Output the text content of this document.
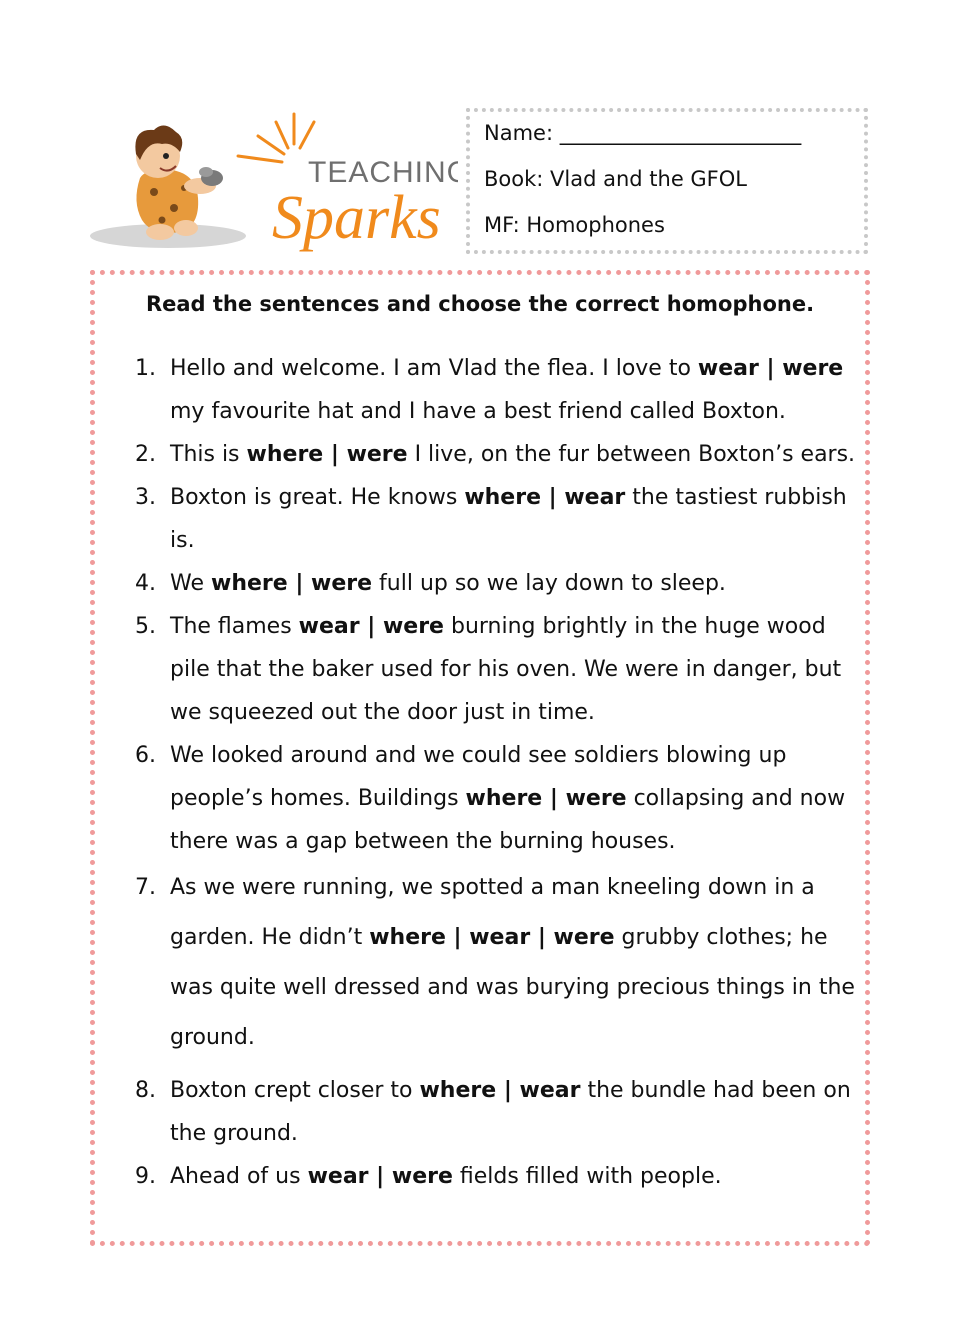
TEACHING
Sparks
Name: _______________________
Book: Vlad and the GFOL
MF: Homophones
Read the sentences and choose the correct homophone.
1. Hello and welcome. I am Vlad the flea. I love to wear | were
my favourite hat and I have a best friend called Boxton.
2. This is where | were I live, on the fur between Boxton’s ears.
3. Boxton is great. He knows where | wear the tastiest rubbish
is.
4. We where | were full up so we lay down to sleep.
5. The flames wear | were burning brightly in the huge wood
pile that the baker used for his oven. We were in danger, but
we squeezed out the door just in time.
6. We looked around and we could see soldiers blowing up
people’s homes. Buildings where | were collapsing and now
there was a gap between the burning houses.
7. As we were running, we spotted a man kneeling down in a
garden. He didn’t where | wear | were grubby clothes; he
was quite well dressed and was burying precious things in the
ground.
8. Boxton crept closer to where | wear the bundle had been on
the ground.
9. Ahead of us wear | were fields filled with people.
